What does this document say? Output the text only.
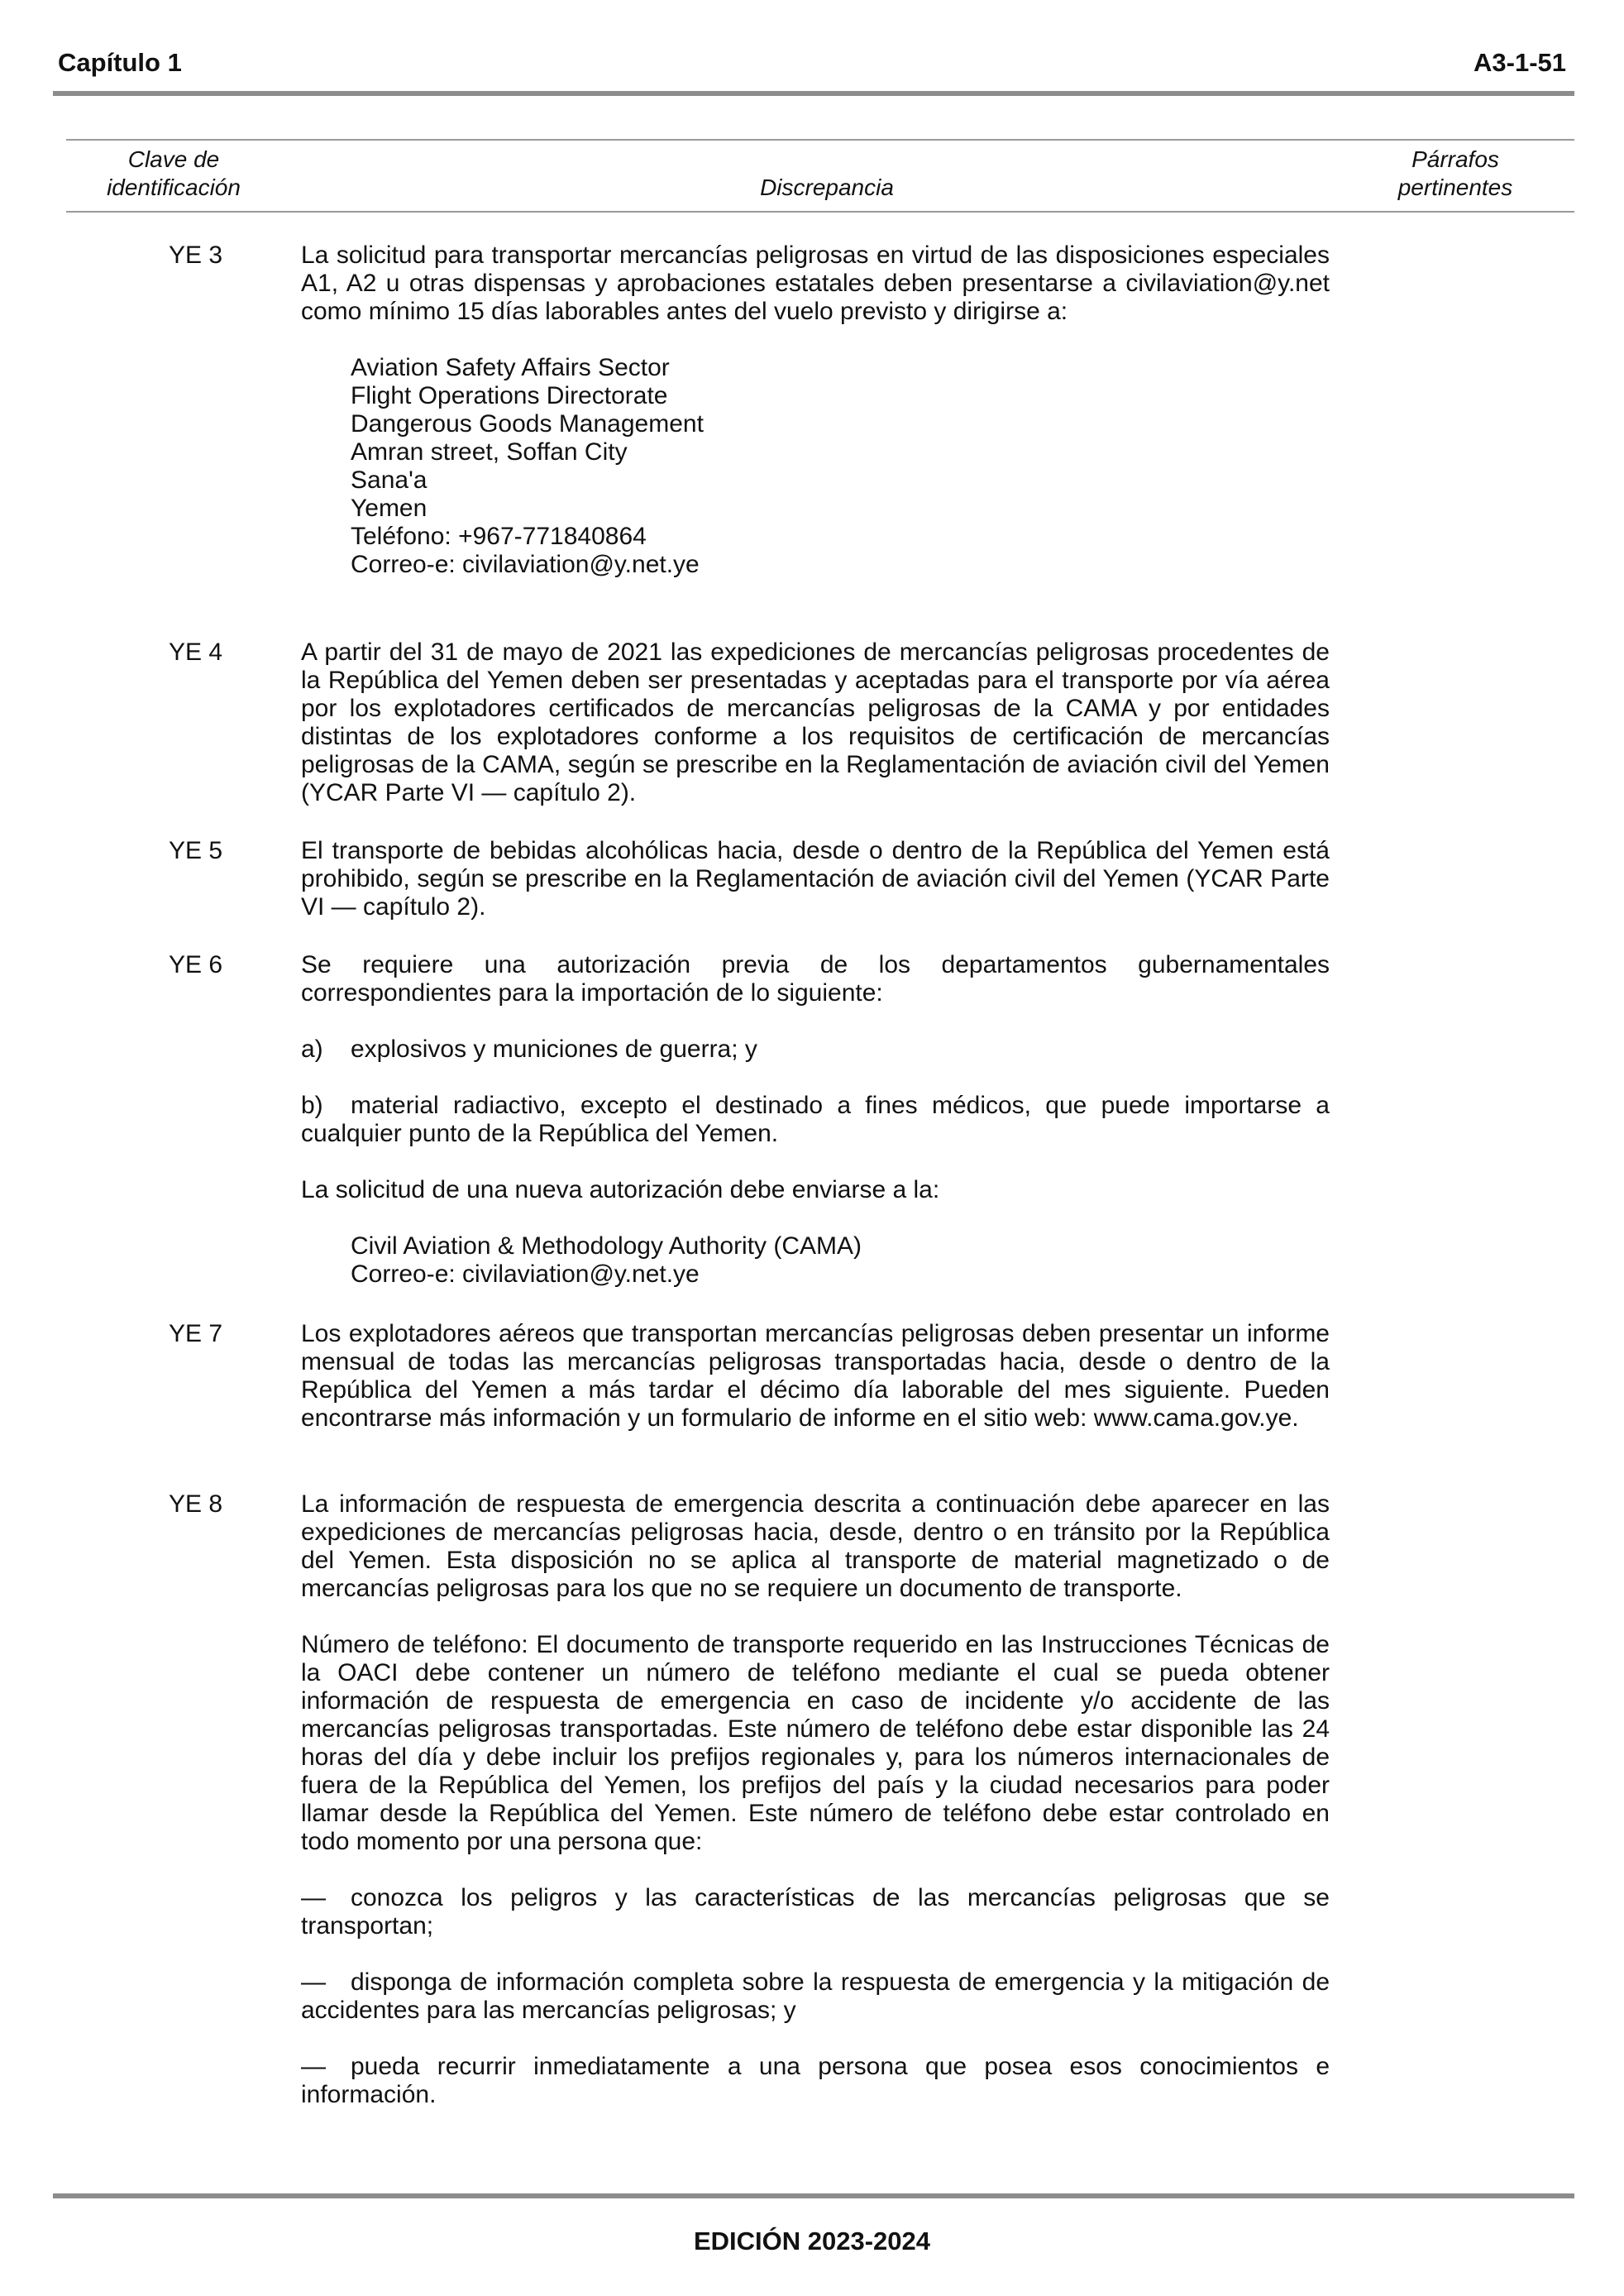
Capítulo 1	A3-1-51
Clave de
identificación	Discrepancia
Párrafos
pertinentes
YE 3	La solicitud para transportar mercancías peligrosas en virtud de las disposiciones especiales A1, A2 u otras dispensas y aprobaciones estatales deben presentarse a civilaviation@y.net como mínimo 15 días laborables antes del vuelo previsto y dirigirse a:

Aviation Safety Affairs Sector
Flight Operations Directorate
Dangerous Goods Management
Amran street, Soffan City
Sana'a
Yemen
Teléfono: +967-771840864
Correo-e: civilaviation@y.net.ye
YE 4	A partir del 31 de mayo de 2021 las expediciones de mercancías peligrosas procedentes de la República del Yemen deben ser presentadas y aceptadas para el transporte por vía aérea por los explotadores certificados de mercancías peligrosas de la CAMA y por entidades distintas de los explotadores conforme a los requisitos de certificación de mercancías peligrosas de la CAMA, según se prescribe en la Reglamentación de aviación civil del Yemen (YCAR Parte VI — capítulo 2).

YE 5	El transporte de bebidas alcohólicas hacia, desde o dentro de la República del Yemen está prohibido, según se prescribe en la Reglamentación de aviación civil del Yemen (YCAR Parte VI — capítulo 2).

YE 6	Se requiere una autorización previa de los departamentos gubernamentales correspondientes para la importación de lo siguiente:

a) explosivos y municiones de guerra; y

b) material radiactivo, excepto el destinado a fines médicos, que puede importarse a cualquier punto de la República del Yemen.

La solicitud de una nueva autorización debe enviarse a la:

Civil Aviation & Methodology Authority (CAMA)
Correo-e: civilaviation@y.net.ye
YE 7	Los explotadores aéreos que transportan mercancías peligrosas deben presentar un informe mensual de todas las mercancías peligrosas transportadas hacia, desde o dentro de la República del Yemen a más tardar el décimo día laborable del mes siguiente. Pueden encontrarse más información y un formulario de informe en el sitio web: www.cama.gov.ye.

YE 8	La información de respuesta de emergencia descrita a continuación debe aparecer en las expediciones de mercancías peligrosas hacia, desde, dentro o en tránsito por la República del Yemen. Esta disposición no se aplica al transporte de material magnetizado o de mercancías peligrosas para los que no se requiere un documento de transporte.

Número de teléfono: El documento de transporte requerido en las Instrucciones Técnicas de la OACI debe contener un número de teléfono mediante el cual se pueda obtener información de respuesta de emergencia en caso de incidente y/o accidente de las mercancías peligrosas transportadas. Este número de teléfono debe estar disponible las 24 horas del día y debe incluir los prefijos regionales y, para los números internacionales de fuera de la República del Yemen, los prefijos del país y la ciudad necesarios para poder llamar desde la República del Yemen. Este número de teléfono debe estar controlado en todo momento por una persona que:

— conozca los peligros y las características de las mercancías peligrosas que se transportan;

— disponga de información completa sobre la respuesta de emergencia y la mitigación de accidentes para las mercancías peligrosas; y

— pueda recurrir inmediatamente a una persona que posea esos conocimientos e información.

EDICIÓN 2023-2024
